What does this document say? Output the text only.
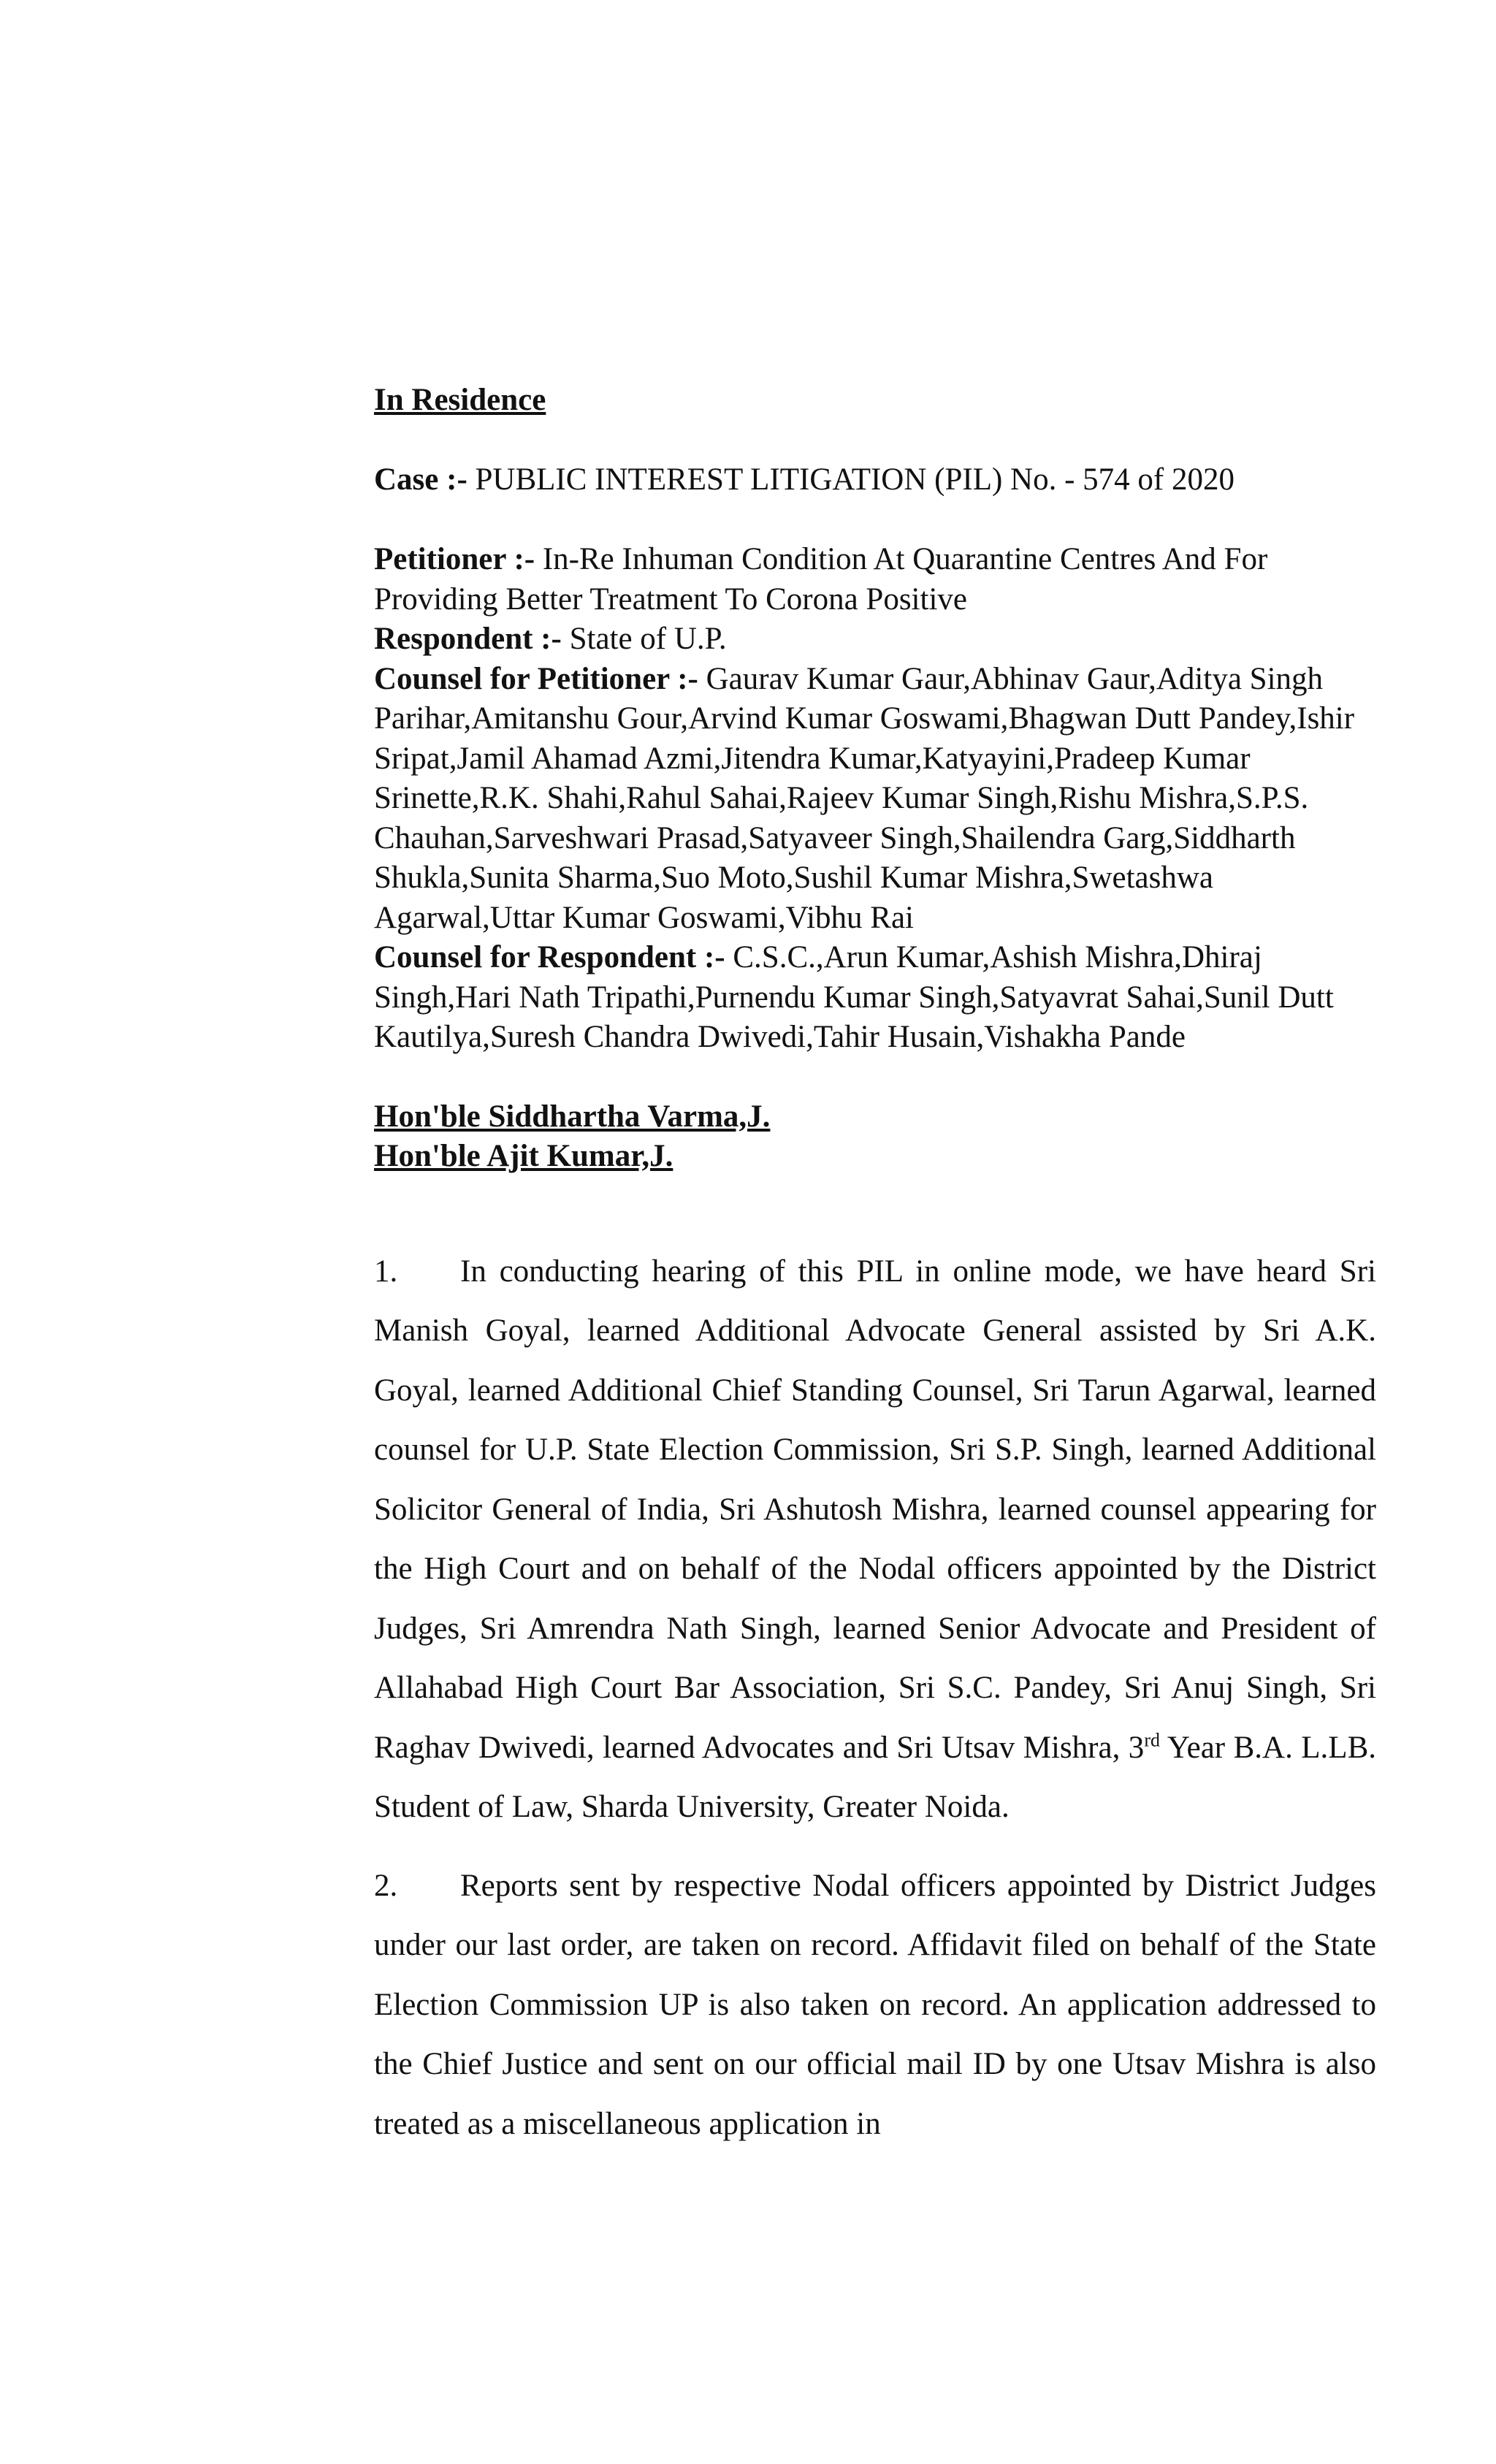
In Residence

Case :- PUBLIC INTEREST LITIGATION (PIL) No. - 574 of 2020

Petitioner :- In-Re Inhuman Condition At Quarantine Centres And For Providing Better Treatment To Corona Positive

Respondent :- State of U.P.

Counsel for Petitioner :- Gaurav Kumar Gaur,Abhinav Gaur,Aditya Singh Parihar,Amitanshu Gour,Arvind Kumar Goswami,Bhagwan Dutt Pandey,Ishir Sripat,Jamil Ahamad Azmi,Jitendra Kumar,Katyayini,Pradeep Kumar Srinette,R.K. Shahi,Rahul Sahai,Rajeev Kumar Singh,Rishu Mishra,S.P.S. Chauhan,Sarveshwari Prasad,Satyaveer Singh,Shailendra Garg,Siddharth Shukla,Sunita Sharma,Suo Moto,Sushil Kumar Mishra,Swetashwa Agarwal,Uttar Kumar Goswami,Vibhu Rai

Counsel for Respondent :- C.S.C.,Arun Kumar,Ashish Mishra,Dhiraj Singh,Hari Nath Tripathi,Purnendu Kumar Singh,Satyavrat Sahai,Sunil Dutt Kautilya,Suresh Chandra Dwivedi,Tahir Husain,Vishakha Pande

Hon'ble Siddhartha Varma,J.
Hon'ble Ajit Kumar,J.

1. In conducting hearing of this PIL in online mode, we have heard Sri Manish Goyal, learned Additional Advocate General assisted by Sri A.K. Goyal, learned Additional Chief Standing Counsel, Sri Tarun Agarwal, learned counsel for U.P. State Election Commission, Sri S.P. Singh, learned Additional Solicitor General of India, Sri Ashutosh Mishra, learned counsel appearing for the High Court and on behalf of the Nodal officers appointed by the District Judges, Sri Amrendra Nath Singh, learned Senior Advocate and President of Allahabad High Court Bar Association, Sri S.C. Pandey, Sri Anuj Singh, Sri Raghav Dwivedi, learned Advocates and Sri Utsav Mishra, 3rd Year B.A. L.LB. Student of Law, Sharda University, Greater Noida.

2. Reports sent by respective Nodal officers appointed by District Judges under our last order, are taken on record. Affidavit filed on behalf of the State Election Commission UP is also taken on record. An application addressed to the Chief Justice and sent on our official mail ID by one Utsav Mishra is also treated as a miscellaneous application in
